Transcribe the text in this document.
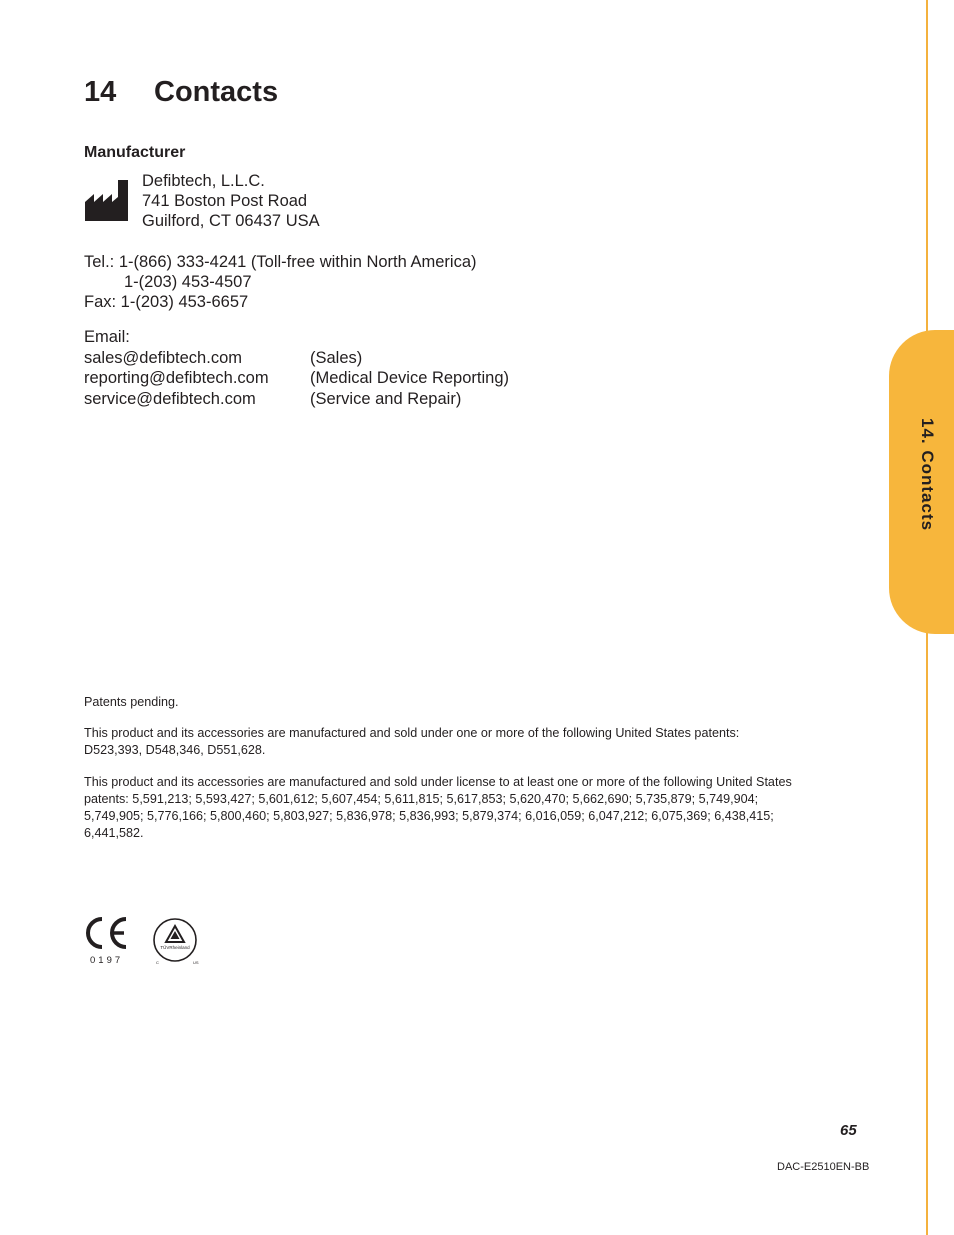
14. Contacts
14 Contacts
Manufacturer
Defibtech, L.L.C.
741 Boston Post Road
Guilford, CT 06437 USA
Tel.: 1-(866) 333-4241 (Toll-free within North America)
1-(203) 453-4507
Fax: 1-(203) 453-6657
Email:
sales@defibtech.com	(Sales)
reporting@defibtech.com	(Medical Device Reporting)
service@defibtech.com	(Service and Repair)
Patents pending.
This product and its accessories are manufactured and sold under one or more of the following United States patents: D523,393, D548,346, D551,628.
This product and its accessories are manufactured and sold under license to at least one or more of the following United States patents: 5,591,213; 5,593,427; 5,601,612; 5,607,454; 5,611,815; 5,617,853; 5,620,470; 5,662,690; 5,735,879; 5,749,904; 5,749,905; 5,776,166; 5,800,460; 5,803,927; 5,836,978; 5,836,993; 5,879,374; 6,016,059; 6,047,212; 6,075,369; 6,438,415; 6,441,582.
0197
TÜVRheinland
C	US
65
DAC-E2510EN-BB
